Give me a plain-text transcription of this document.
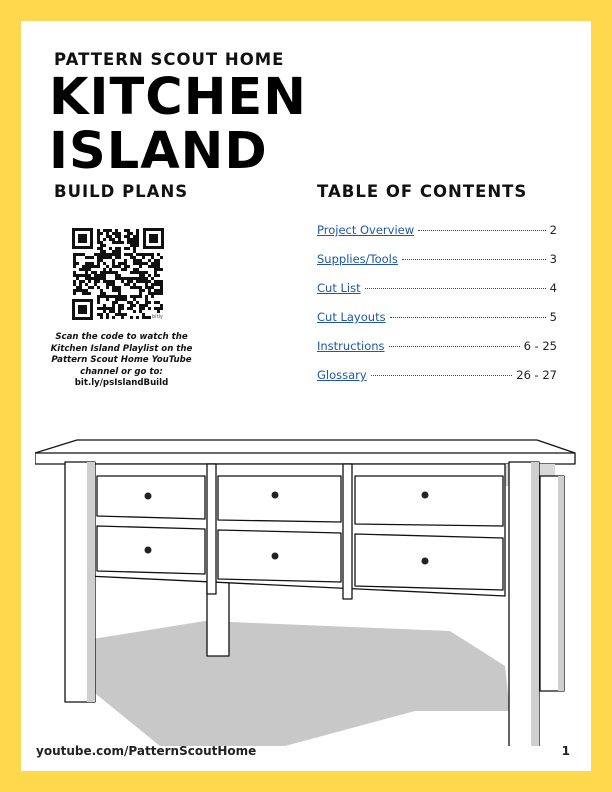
PATTERN SCOUT HOME
KITCHEN
ISLAND
BUILD PLANS	TABLE OF CONTENTS
bitly
Scan the code to watch the Kitchen Island Playlist on the Pattern Scout Home YouTube channel or go to:
bit.ly/psIslandBuild
Project Overview	2
Supplies/Tools	3
Cut List	4
Cut Layouts	5
Instructions	6 - 25
Glossary	26 - 27
youtube.com/PatternScoutHome	1
